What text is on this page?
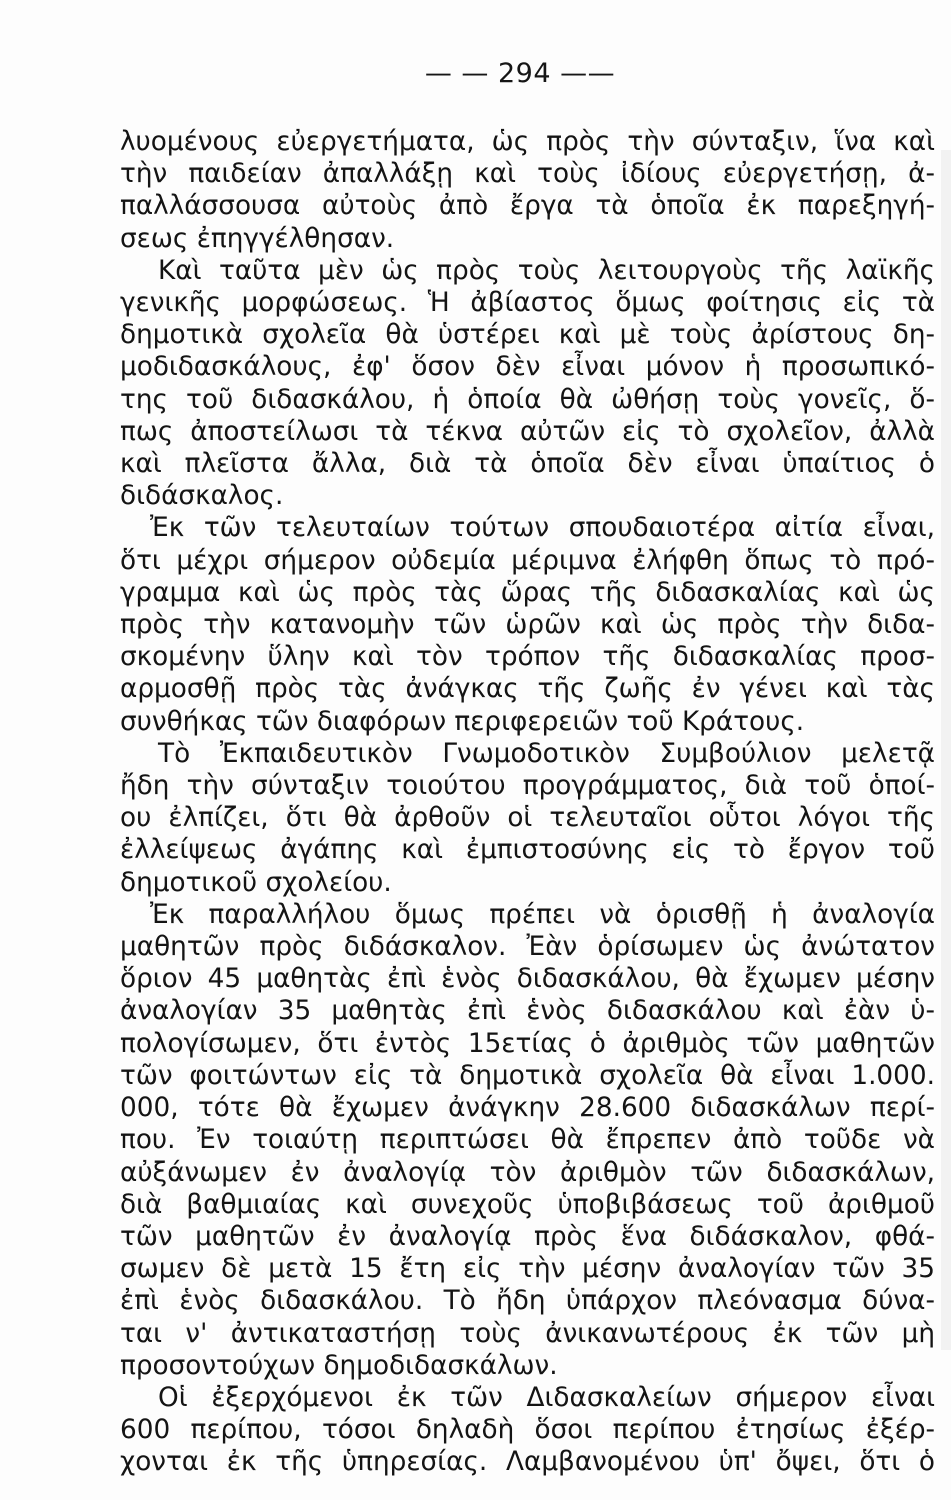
— — 294 ——
λυομένους εὐεργετήματα, ὡς πρὸς τὴν σύνταξιν, ἵνα καὶ
τὴν παιδείαν ἀπαλλάξῃ καὶ τοὺς ἰδίους εὐεργετήσῃ, ἀ-
παλλάσσουσα αὐτοὺς ἀπὸ ἔργα τὰ ὁποῖα ἐκ παρεξηγή-
σεως ἐπηγγέλθησαν.
Καὶ ταῦτα μὲν ὡς πρὸς τοὺς λειτουργοὺς τῆς λαϊκῆς
γενικῆς μορφώσεως. Ἡ ἀβίαστος ὅμως φοίτησις εἰς τὰ
δημοτικὰ σχολεῖα θὰ ὑστέρει καὶ μὲ τοὺς ἀρίστους δη-
μοδιδασκάλους, ἐφ' ὅσον δὲν εἶναι μόνον ἡ προσωπικό-
της τοῦ διδασκάλου, ἡ ὁποία θὰ ὠθήσῃ τοὺς γονεῖς, ὅ-
πως ἀποστείλωσι τὰ τέκνα αὐτῶν εἰς τὸ σχολεῖον, ἀλλὰ
καὶ πλεῖστα ἄλλα, διὰ τὰ ὁποῖα δὲν εἶναι ὑπαίτιος ὁ
διδάσκαλος.
Ἐκ τῶν τελευταίων τούτων σπουδαιοτέρα αἰτία εἶναι,
ὅτι μέχρι σήμερον οὐδεμία μέριμνα ἐλήφθη ὅπως τὸ πρό-
γραμμα καὶ ὡς πρὸς τὰς ὥρας τῆς διδασκαλίας καὶ ὡς
πρὸς τὴν κατανομὴν τῶν ὡρῶν καὶ ὡς πρὸς τὴν διδα-
σκομένην ὕλην καὶ τὸν τρόπον τῆς διδασκαλίας προσ-
αρμοσθῇ πρὸς τὰς ἀνάγκας τῆς ζωῆς ἐν γένει καὶ τὰς
συνθήκας τῶν διαφόρων περιφερειῶν τοῦ Κράτους.
Τὸ Ἐκπαιδευτικὸν Γνωμοδοτικὸν Συμβούλιον μελετᾷ
ἤδη τὴν σύνταξιν τοιούτου προγράμματος, διὰ τοῦ ὁποί-
ου ἐλπίζει, ὅτι θὰ ἀρθοῦν οἱ τελευταῖοι οὗτοι λόγοι τῆς
ἐλλείψεως ἀγάπης καὶ ἐμπιστοσύνης εἰς τὸ ἔργον τοῦ
δημοτικοῦ σχολείου.
Ἐκ παραλλήλου ὅμως πρέπει νὰ ὁρισθῇ ἡ ἀναλογία
μαθητῶν πρὸς διδάσκαλον. Ἐὰν ὁρίσωμεν ὡς ἀνώτατον
ὅριον 45 μαθητὰς ἐπὶ ἑνὸς διδασκάλου, θὰ ἔχωμεν μέσην
ἀναλογίαν 35 μαθητὰς ἐπὶ ἑνὸς διδασκάλου καὶ ἐὰν ὑ-
πολογίσωμεν, ὅτι ἐντὸς 15ετίας ὁ ἀριθμὸς τῶν μαθητῶν
τῶν φοιτώντων εἰς τὰ δημοτικὰ σχολεῖα θὰ εἶναι 1.000.
000, τότε θὰ ἔχωμεν ἀνάγκην 28.600 διδασκάλων περί-
που. Ἐν τοιαύτῃ περιπτώσει θὰ ἔπρεπεν ἀπὸ τοῦδε νὰ
αὐξάνωμεν ἐν ἀναλογίᾳ τὸν ἀριθμὸν τῶν διδασκάλων,
διὰ βαθμιαίας καὶ συνεχοῦς ὑποβιβάσεως τοῦ ἀριθμοῦ
τῶν μαθητῶν ἐν ἀναλογίᾳ πρὸς ἕνα διδάσκαλον, φθά-
σωμεν δὲ μετὰ 15 ἔτη εἰς τὴν μέσην ἀναλογίαν τῶν 35
ἐπὶ ἑνὸς διδασκάλου. Τὸ ἤδη ὑπάρχον πλεόνασμα δύνα-
ται ν' ἀντικαταστήσῃ τοὺς ἀνικανωτέρους ἐκ τῶν μὴ
προσοντούχων δημοδιδασκάλων.
Οἱ ἐξερχόμενοι ἐκ τῶν Διδασκαλείων σήμερον εἶναι
600 περίπου, τόσοι δηλαδὴ ὅσοι περίπου ἐτησίως ἐξέρ-
χονται ἐκ τῆς ὑπηρεσίας. Λαμβανομένου ὑπ' ὄψει, ὅτι ὁ
